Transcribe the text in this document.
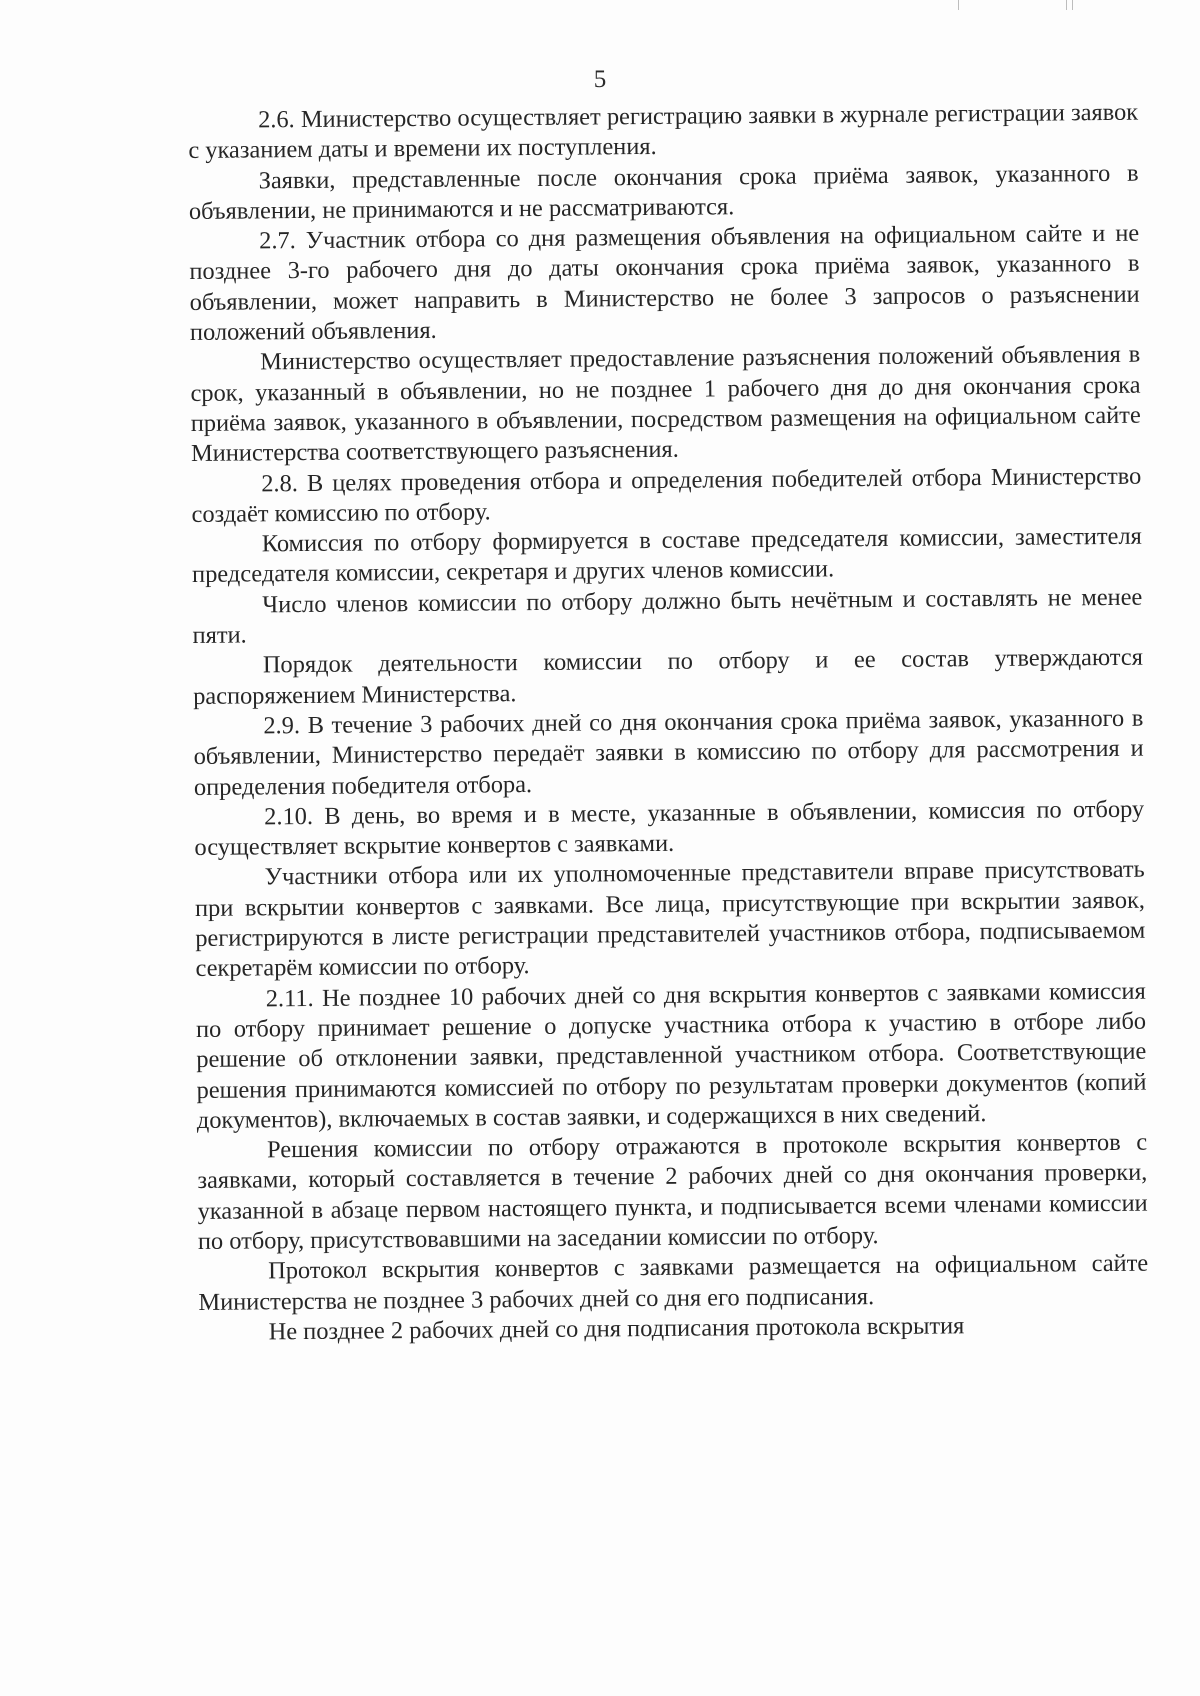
5

2.6. Министерство осуществляет регистрацию заявки в журнале регистрации заявок с указанием даты и времени их поступления.

Заявки, представленные после окончания срока приёма заявок, указанного в объявлении, не принимаются и не рассматриваются.

2.7. Участник отбора со дня размещения объявления на официальном сайте и не позднее 3-го рабочего дня до даты окончания срока приёма заявок, указанного в объявлении, может направить в Министерство не более 3 запросов о разъяснении положений объявления.

Министерство осуществляет предоставление разъяснения положений объявления в срок, указанный в объявлении, но не позднее 1 рабочего дня до дня окончания срока приёма заявок, указанного в объявлении, посредством размещения на официальном сайте Министерства соответствующего разъяснения.

2.8. В целях проведения отбора и определения победителей отбора Министерство создаёт комиссию по отбору.

Комиссия по отбору формируется в составе председателя комиссии, заместителя председателя комиссии, секретаря и других членов комиссии.

Число членов комиссии по отбору должно быть нечётным и составлять не менее пяти.

Порядок деятельности комиссии по отбору и ее состав утверждаются распоряжением Министерства.

2.9. В течение 3 рабочих дней со дня окончания срока приёма заявок, указанного в объявлении, Министерство передаёт заявки в комиссию по отбору для рассмотрения и определения победителя отбора.

2.10. В день, во время и в месте, указанные в объявлении, комиссия по отбору осуществляет вскрытие конвертов с заявками.

Участники отбора или их уполномоченные представители вправе присутствовать при вскрытии конвертов с заявками. Все лица, присутствующие при вскрытии заявок, регистрируются в листе регистрации представителей участников отбора, подписываемом секретарём комиссии по отбору.

2.11. Не позднее 10 рабочих дней со дня вскрытия конвертов с заявками комиссия по отбору принимает решение о допуске участника отбора к участию в отборе либо решение об отклонении заявки, представленной участником отбора. Соответствующие решения принимаются комиссией по отбору по результатам проверки документов (копий документов), включаемых в состав заявки, и содержащихся в них сведений.

Решения комиссии по отбору отражаются в протоколе вскрытия конвертов с заявками, который составляется в течение 2 рабочих дней со дня окончания проверки, указанной в абзаце первом настоящего пункта, и подписывается всеми членами комиссии по отбору, присутствовавшими на заседании комиссии по отбору.

Протокол вскрытия конвертов с заявками размещается на официальном сайте Министерства не позднее 3 рабочих дней со дня его подписания.

Не позднее 2 рабочих дней со дня подписания протокола вскрытия
